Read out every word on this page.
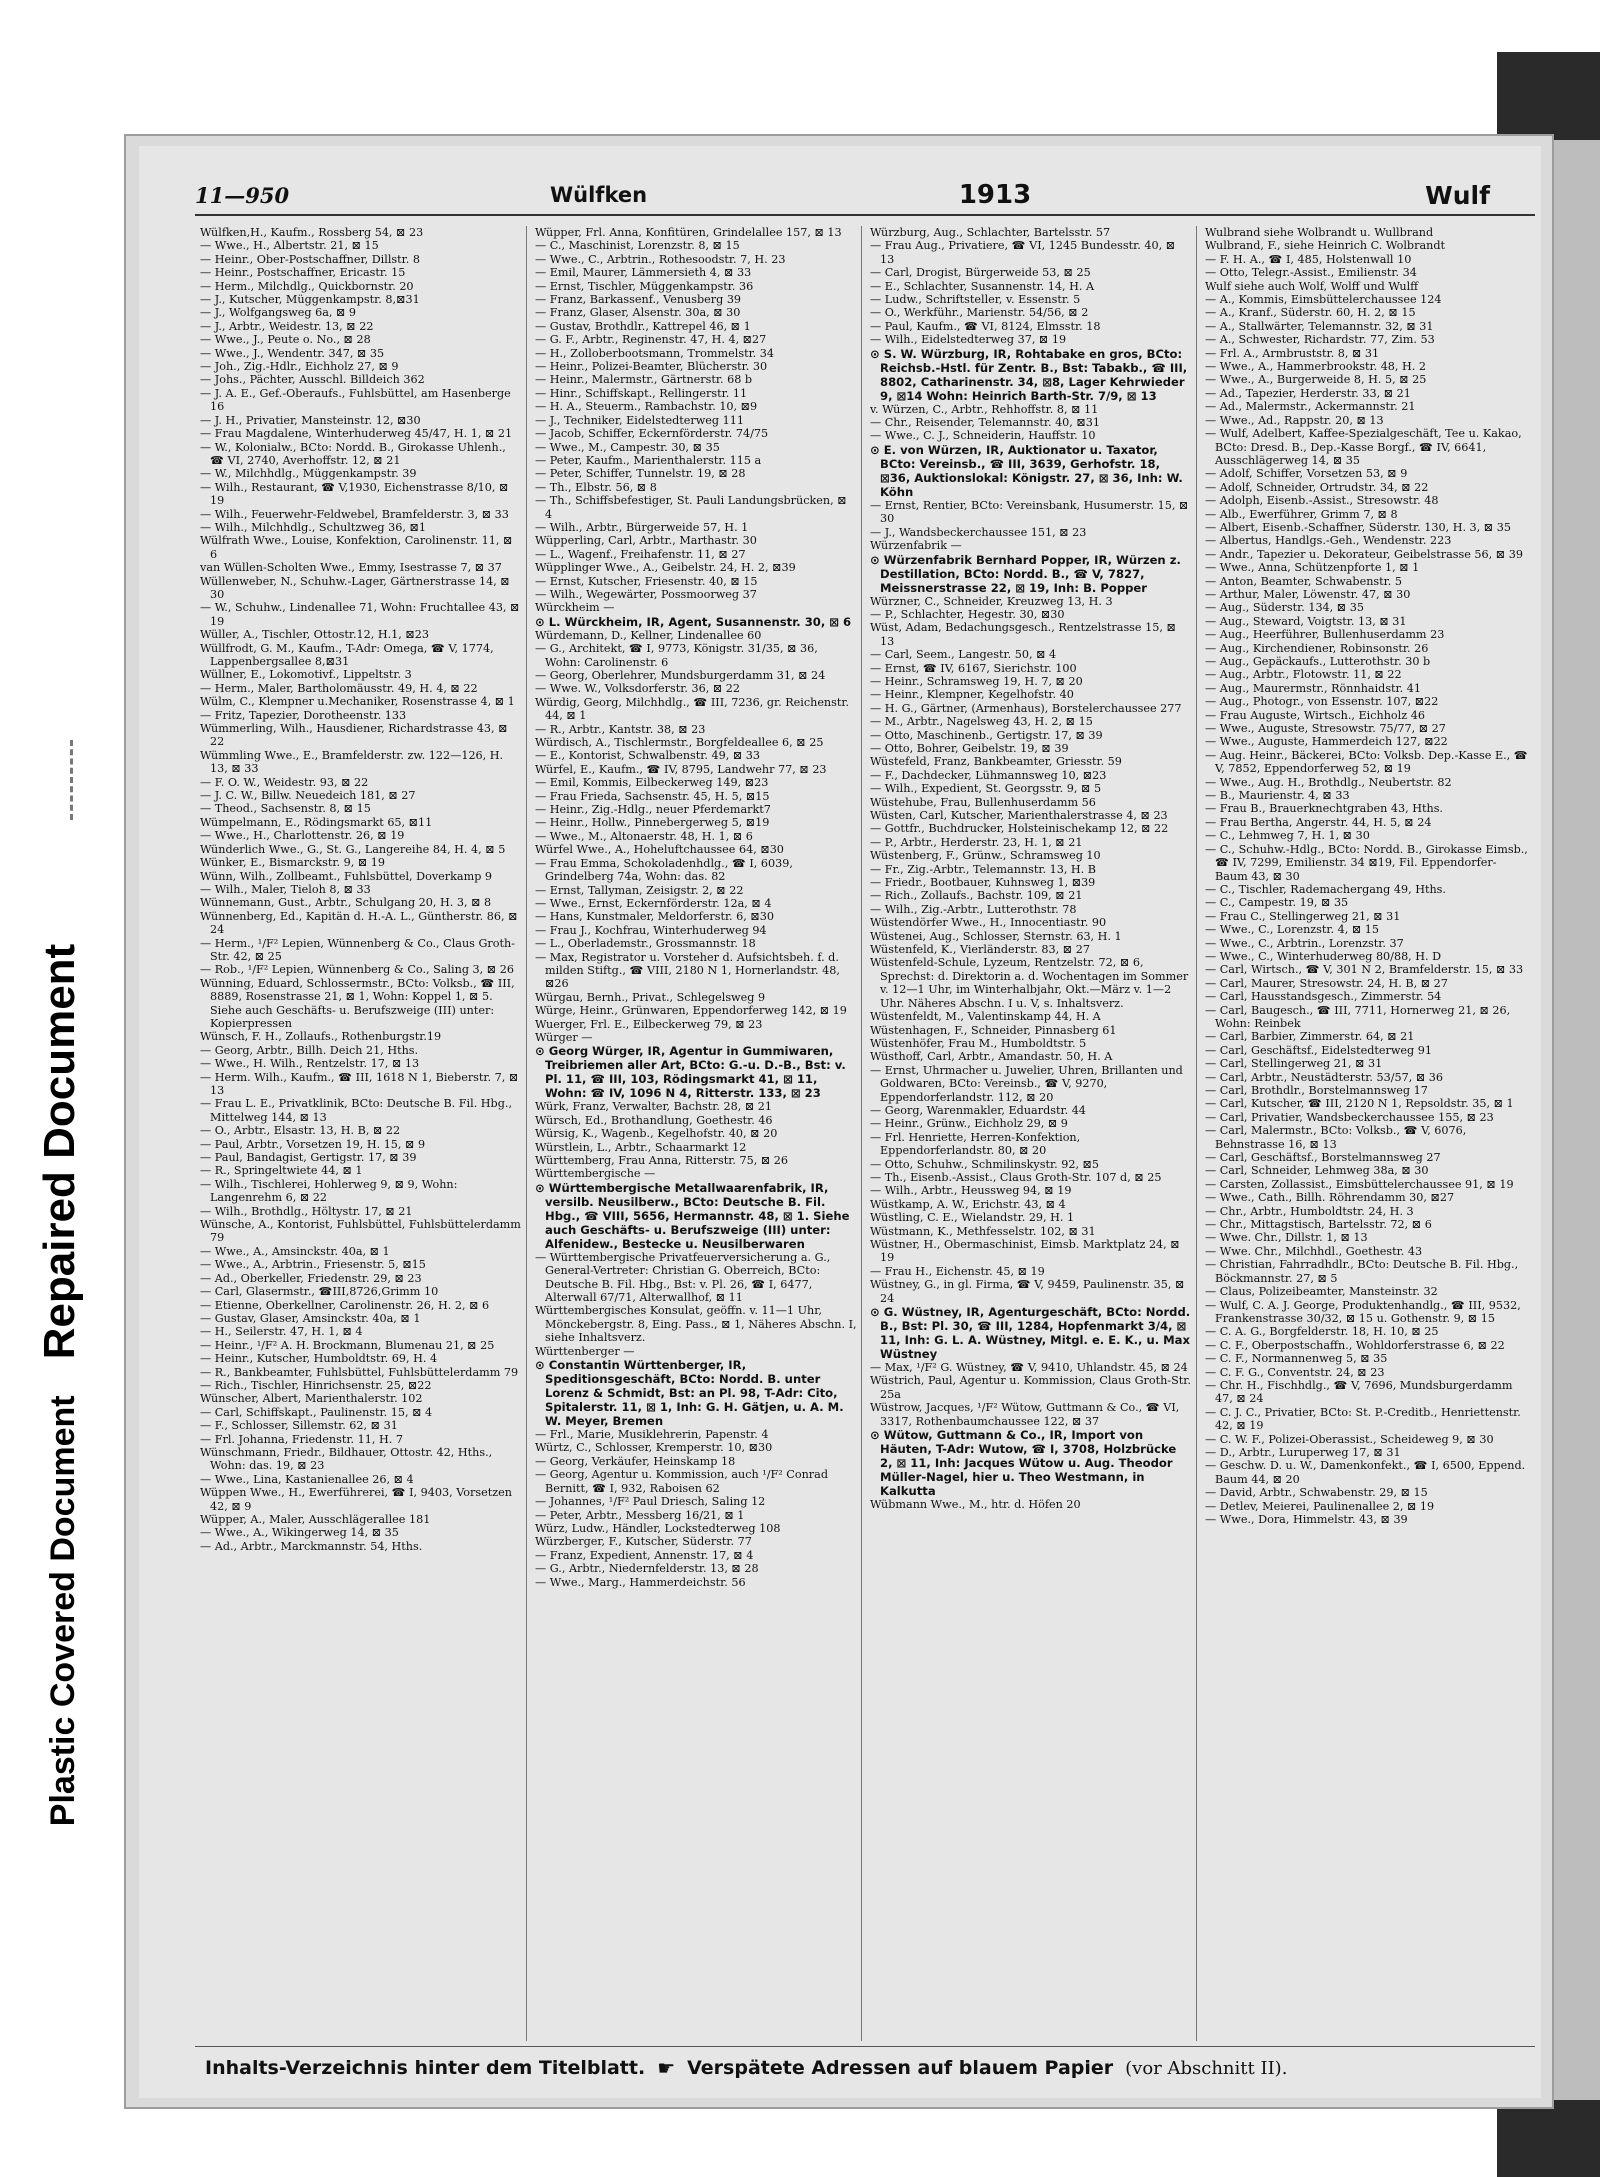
Plastic Covered DocumentRepaired Document
11—950	Wülfken	1913	Wulf

Wülfken,H., Kaufm., Rossberg 54, ⊠ 23

— Wwe., H., Albertstr. 21, ⊠ 15

— Heinr., Ober-Postschaffner, Dillstr. 8

— Heinr., Postschaffner, Ericastr. 15

— Herm., Milchdlg., Quickbornstr. 20

— J., Kutscher, Müggenkampstr. 8,⊠31

— J., Wolfgangsweg 6a, ⊠ 9

— J., Arbtr., Weidestr. 13, ⊠ 22

— Wwe., J., Peute o. No., ⊠ 28

— Wwe., J., Wendentr. 347, ⊠ 35

— Joh., Zig.-Hdlr., Eichholz 27, ⊠ 9

— Johs., Pächter, Ausschl. Billdeich 362

— J. A. E., Gef.-Oberaufs., Fuhlsbüttel, am Hasenberge 16

— J. H., Privatier, Mansteinstr. 12, ⊠30

— Frau Magdalene, Winterhuderweg 45/47, H. 1, ⊠ 21

— W., Kolonialw., BCto: Nordd. B., Girokasse Uhlenh., ☎ VI, 2740, Averhoffstr. 12, ⊠ 21

— W., Milchhdlg., Müggenkampstr. 39

— Wilh., Restaurant, ☎ V,1930, Eichenstrasse 8/10, ⊠ 19

— Wilh., Feuerwehr-Feldwebel, Bramfelderstr. 3, ⊠ 33

— Wilh., Milchhdlg., Schultzweg 36, ⊠1

Wülfrath Wwe., Louise, Konfektion, Carolinenstr. 11, ⊠ 6

van Wüllen-Scholten Wwe., Emmy, Isestrasse 7, ⊠ 37

Wüllenweber, N., Schuhw.-Lager, Gärtnerstrasse 14, ⊠ 30

— W., Schuhw., Lindenallee 71, Wohn: Fruchtallee 43, ⊠ 19

Wüller, A., Tischler, Ottostr.12, H.1, ⊠23

Wüllfrodt, G. M., Kaufm., T-Adr: Omega, ☎ V, 1774, Lappenbergsallee 8,⊠31

Wüllner, E., Lokomotivf., Lippeltstr. 3

— Herm., Maler, Bartholomäusstr. 49, H. 4, ⊠ 22

Wülm, C., Klempner u.Mechaniker, Rosenstrasse 4, ⊠ 1

— Fritz, Tapezier, Dorotheenstr. 133

Wümmerling, Wilh., Hausdiener, Richardstrasse 43, ⊠ 22

Wümmling Wwe., E., Bramfelderstr. zw. 122—126, H. 13, ⊠ 33

— F. O. W., Weidestr. 93, ⊠ 22

— J. C. W., Billw. Neuedeich 181, ⊠ 27

— Theod., Sachsenstr. 8, ⊠ 15

Wümpelmann, E., Rödingsmarkt 65, ⊠11

— Wwe., H., Charlottenstr. 26, ⊠ 19

Wünderlich Wwe., G., St. G., Langereihe 84, H. 4, ⊠ 5

Wünker, E., Bismarckstr. 9, ⊠ 19

Wünn, Wilh., Zollbeamt., Fuhlsbüttel, Doverkamp 9

— Wilh., Maler, Tieloh 8, ⊠ 33

Wünnemann, Gust., Arbtr., Schulgang 20, H. 3, ⊠ 8

Wünnenberg, Ed., Kapitän d. H.-A. L., Güntherstr. 86, ⊠ 24

— Herm., ¹/F² Lepien, Wünnenberg & Co., Claus Groth-Str. 42, ⊠ 25

— Rob., ¹/F² Lepien, Wünnenberg & Co., Saling 3, ⊠ 26

Wünning, Eduard, Schlossermstr., BCto: Volksb., ☎ III, 8889, Rosenstrasse 21, ⊠ 1, Wohn: Koppel 1, ⊠ 5. Siehe auch Geschäfts- u. Berufszweige (III) unter: Kopierpressen

Wünsch, F. H., Zollaufs., Rothenburgstr.19

— Georg, Arbtr., Billh. Deich 21, Hths.

— Wwe., H. Wilh., Rentzelstr. 17, ⊠ 13

— Herm. Wilh., Kaufm., ☎ III, 1618 N 1, Bieberstr. 7, ⊠ 13

— Frau L. E., Privatklinik, BCto: Deutsche B. Fil. Hbg., Mittelweg 144, ⊠ 13

— O., Arbtr., Elsastr. 13, H. B, ⊠ 22

— Paul, Arbtr., Vorsetzen 19, H. 15, ⊠ 9

— Paul, Bandagist, Gertigstr. 17, ⊠ 39

— R., Springeltwiete 44, ⊠ 1

— Wilh., Tischlerei, Hohlerweg 9, ⊠ 9, Wohn: Langenrehm 6, ⊠ 22

— Wilh., Brothdlg., Höltystr. 17, ⊠ 21

Wünsche, A., Kontorist, Fuhlsbüttel, Fuhlsbüttelerdamm 79

— Wwe., A., Amsinckstr. 40a, ⊠ 1

— Wwe., A., Arbtrin., Friesenstr. 5, ⊠15

— Ad., Oberkeller, Friedenstr. 29, ⊠ 23

— Carl, Glasermstr., ☎III,8726,Grimm 10

— Etienne, Oberkellner, Carolinenstr. 26, H. 2, ⊠ 6

— Gustav, Glaser, Amsinckstr. 40a, ⊠ 1

— H., Seilerstr. 47, H. 1, ⊠ 4

— Heinr., ¹/F² A. H. Brockmann, Blumenau 21, ⊠ 25

— Heinr., Kutscher, Humboldtstr. 69, H. 4

— R., Bankbeamter, Fuhlsbüttel, Fuhlsbüttelerdamm 79

— Rich., Tischler, Hinrichsenstr. 25, ⊠22

Wünscher, Albert, Marienthalerstr. 102

— Carl, Schiffskapt., Paulinenstr. 15, ⊠ 4

— F., Schlosser, Sillemstr. 62, ⊠ 31

— Frl. Johanna, Friedenstr. 11, H. 7

Wünschmann, Friedr., Bildhauer, Ottostr. 42, Hths., Wohn: das. 19, ⊠ 23

— Wwe., Lina, Kastanienallee 26, ⊠ 4

Wüppen Wwe., H., Ewerführerei, ☎ I, 9403, Vorsetzen 42, ⊠ 9

Wüpper, A., Maler, Ausschlägerallee 181

— Wwe., A., Wikingerweg 14, ⊠ 35

— Ad., Arbtr., Marckmannstr. 54, Hths.

Wüpper, Frl. Anna, Konfitüren, Grindelallee 157, ⊠ 13

— C., Maschinist, Lorenzstr. 8, ⊠ 15

— Wwe., C., Arbtrin., Rothesoodstr. 7, H. 23

— Emil, Maurer, Lämmersieth 4, ⊠ 33

— Ernst, Tischler, Müggenkampstr. 36

— Franz, Barkassenf., Venusberg 39

— Franz, Glaser, Alsenstr. 30a, ⊠ 30

— Gustav, Brothdlr., Kattrepel 46, ⊠ 1

— G. F., Arbtr., Reginenstr. 47, H. 4, ⊠27

— H., Zolloberbootsmann, Trommelstr. 34

— Heinr., Polizei-Beamter, Blücherstr. 30

— Heinr., Malermstr., Gärtnerstr. 68 b

— Hinr., Schiffskapt., Rellingerstr. 11

— H. A., Steuerm., Rambachstr. 10, ⊠9

— J., Techniker, Eidelstedterweg 111

— Jacob, Schiffer, Eckernförderstr. 74/75

— Wwe., M., Campestr. 30, ⊠ 35

— Peter, Kaufm., Marienthalerstr. 115 a

— Peter, Schiffer, Tunnelstr. 19, ⊠ 28

— Th., Elbstr. 56, ⊠ 8

— Th., Schiffsbefestiger, St. Pauli Landungsbrücken, ⊠ 4

— Wilh., Arbtr., Bürgerweide 57, H. 1

Wüpperling, Carl, Arbtr., Marthastr. 30

— L., Wagenf., Freihafenstr. 11, ⊠ 27

Wüpplinger Wwe., A., Geibelstr. 24, H. 2, ⊠39

— Ernst, Kutscher, Friesenstr. 40, ⊠ 15

— Wilh., Wegewärter, Possmoorweg 37

Würckheim —

⊙ L. Würckheim, IR, Agent, Susannenstr. 30, ⊠ 6

Würdemann, D., Kellner, Lindenallee 60

— G., Architekt, ☎ I, 9773, Königstr. 31/35, ⊠ 36, Wohn: Carolinenstr. 6

— Georg, Oberlehrer, Mundsburgerdamm 31, ⊠ 24

— Wwe. W., Volksdorferstr. 36, ⊠ 22

Würdig, Georg, Milchhdlg., ☎ III, 7236, gr. Reichenstr. 44, ⊠ 1

— R., Arbtr., Kantstr. 38, ⊠ 23

Würdisch, A., Tischlermstr., Borgfeldeallee 6, ⊠ 25

— E., Kontorist, Schwalbenstr. 49, ⊠ 33

Würfel, E., Kaufm., ☎ IV, 8795, Landwehr 77, ⊠ 23

— Emil, Kommis, Eilbeckerweg 149, ⊠23

— Frau Frieda, Sachsenstr. 45, H. 5, ⊠15

— Heinr., Zig.-Hdlg., neuer Pferdemarkt7

— Heinr., Hollw., Pinnebergerweg 5, ⊠19

— Wwe., M., Altonaerstr. 48, H. 1, ⊠ 6

Würfel Wwe., A., Hoheluftchaussee 64, ⊠30

— Frau Emma, Schokoladenhdlg., ☎ I, 6039, Grindelberg 74a, Wohn: das. 82

— Ernst, Tallyman, Zeisigstr. 2, ⊠ 22

— Wwe., Ernst, Eckernförderstr. 12a, ⊠ 4

— Hans, Kunstmaler, Meldorferstr. 6, ⊠30

— Frau J., Kochfrau, Winterhuderweg 94

— L., Oberlademstr., Grossmannstr. 18

— Max, Registrator u. Vorsteher d. Aufsichtsbeh. f. d. milden Stiftg., ☎ VIII, 2180 N 1, Hornerlandstr. 48, ⊠26

Würgau, Bernh., Privat., Schlegelsweg 9

Würge, Heinr., Grünwaren, Eppendorferweg 142, ⊠ 19

Wuerger, Frl. E., Eilbeckerweg 79, ⊠ 23

Würger —

⊙ Georg Würger, IR, Agentur in Gummiwaren, Treibriemen aller Art, BCto: G.-u. D.-B., Bst: v. Pl. 11, ☎ III, 103, Rödingsmarkt 41, ⊠ 11, Wohn: ☎ IV, 1096 N 4, Ritterstr. 133, ⊠ 23

Würk, Franz, Verwalter, Bachstr. 28, ⊠ 21

Würsch, Ed., Brothandlung, Goethestr. 46

Würsig, K., Wagenb., Kegelhofstr. 40, ⊠ 20

Würstlein, L., Arbtr., Schaarmarkt 12

Württemberg, Frau Anna, Ritterstr. 75, ⊠ 26

Württembergische —

⊙ Württembergische Metallwaarenfabrik, IR, versilb. Neusilberw., BCto: Deutsche B. Fil. Hbg., ☎ VIII, 5656, Hermannstr. 48, ⊠ 1. Siehe auch Geschäfts- u. Berufszweige (III) unter: Alfenidew., Bestecke u. Neusilberwaren

— Württembergische Privatfeuerversicherung a. G., General-Vertreter: Christian G. Oberreich, BCto: Deutsche B. Fil. Hbg., Bst: v. Pl. 26, ☎ I, 6477, Alterwall 67/71, Alterwallhof, ⊠ 11

Württembergisches Konsulat, geöffn. v. 11—1 Uhr, Mönckebergstr. 8, Eing. Pass., ⊠ 1, Näheres Abschn. I, siehe Inhaltsverz.

Württenberger —

⊙ Constantin Württenberger, IR, Speditionsgeschäft, BCto: Nordd. B. unter Lorenz & Schmidt, Bst: an Pl. 98, T-Adr: Cito, Spitalerstr. 11, ⊠ 1, Inh: G. H. Gätjen, u. A. M. W. Meyer, Bremen

— Frl., Marie, Musiklehrerin, Papenstr. 4

Würtz, C., Schlosser, Kremperstr. 10, ⊠30

— Georg, Verkäufer, Heinskamp 18

— Georg, Agentur u. Kommission, auch ¹/F² Conrad Bernitt, ☎ I, 932, Raboisen 62

— Johannes, ¹/F² Paul Driesch, Saling 12

— Peter, Arbtr., Messberg 16/21, ⊠ 1

Würz, Ludw., Händler, Lockstedterweg 108

Würzberger, F., Kutscher, Süderstr. 77

— Franz, Expedient, Annenstr. 17, ⊠ 4

— G., Arbtr., Niedernfelderstr. 13, ⊠ 28

— Wwe., Marg., Hammerdeichstr. 56

Würzburg, Aug., Schlachter, Bartelsstr. 57

— Frau Aug., Privatiere, ☎ VI, 1245 Bundesstr. 40, ⊠ 13

— Carl, Drogist, Bürgerweide 53, ⊠ 25

— E., Schlachter, Susannenstr. 14, H. A

— Ludw., Schriftsteller, v. Essenstr. 5

— O., Werkführ., Marienstr. 54/56, ⊠ 2

— Paul, Kaufm., ☎ VI, 8124, Elmsstr. 18

— Wilh., Eidelstedterweg 37, ⊠ 19

⊙ S. W. Würzburg, IR, Rohtabake en gros, BCto: Reichsb.-Hstl. für Zentr. B., Bst: Tabakb., ☎ III, 8802, Catharinenstr. 34, ⊠8, Lager Kehrwieder 9, ⊠14 Wohn: Heinrich Barth-Str. 7/9, ⊠ 13

v. Würzen, C., Arbtr., Rehhoffstr. 8, ⊠ 11

— Chr., Reisender, Telemannstr. 40, ⊠31

— Wwe., C. J., Schneiderin, Hauffstr. 10

⊙ E. von Würzen, IR, Auktionator u. Taxator, BCto: Vereinsb., ☎ III, 3639, Gerhofstr. 18, ⊠36, Auktionslokal: Königstr. 27, ⊠ 36, Inh: W. Köhn

— Ernst, Rentier, BCto: Vereinsbank, Husumerstr. 15, ⊠ 30

— J., Wandsbeckerchaussee 151, ⊠ 23

Würzenfabrik —

⊙ Würzenfabrik Bernhard Popper, IR, Würzen z. Destillation, BCto: Nordd. B., ☎ V, 7827, Meissnerstrasse 22, ⊠ 19, Inh: B. Popper

Würzner, C., Schneider, Kreuzweg 13, H. 3

— P., Schlachter, Hegestr. 30, ⊠30

Wüst, Adam, Bedachungsgesch., Rentzelstrasse 15, ⊠ 13

— Carl, Seem., Langestr. 50, ⊠ 4

— Ernst, ☎ IV, 6167, Sierichstr. 100

— Heinr., Schramsweg 19, H. 7, ⊠ 20

— Heinr., Klempner, Kegelhofstr. 40

— H. G., Gärtner, (Armenhaus), Borstelerchaussee 277

— M., Arbtr., Nagelsweg 43, H. 2, ⊠ 15

— Otto, Maschinenb., Gertigstr. 17, ⊠ 39

— Otto, Bohrer, Geibelstr. 19, ⊠ 39

Wüstefeld, Franz, Bankbeamter, Griesstr. 59

— F., Dachdecker, Lühmannsweg 10, ⊠23

— Wilh., Expedient, St. Georgsstr. 9, ⊠ 5

Wüstehube, Frau, Bullenhuserdamm 56

Wüsten, Carl, Kutscher, Marienthalerstrasse 4, ⊠ 23

— Gottfr., Buchdrucker, Holsteinischekamp 12, ⊠ 22

— P., Arbtr., Herderstr. 23, H. 1, ⊠ 21

Wüstenberg, F., Grünw., Schramsweg 10

— Fr., Zig.-Arbtr., Telemannstr. 13, H. B

— Friedr., Bootbauer, Kuhnsweg 1, ⊠39

— Rich., Zollaufs., Bachstr. 109, ⊠ 21

— Wilh., Zig.-Arbtr., Lutterothstr. 78

Wüstendörfer Wwe., H., Innocentiastr. 90

Wüstenei, Aug., Schlosser, Sternstr. 63, H. 1

Wüstenfeld, K., Vierländerstr. 83, ⊠ 27

Wüstenfeld-Schule, Lyzeum, Rentzelstr. 72, ⊠ 6, Sprechst: d. Direktorin a. d. Wochentagen im Sommer v. 12—1 Uhr, im Winterhalbjahr, Okt.—März v. 1—2 Uhr. Näheres Abschn. I u. V, s. Inhaltsverz.

Wüstenfeldt, M., Valentinskamp 44, H. A

Wüstenhagen, F., Schneider, Pinnasberg 61

Wüstenhöfer, Frau M., Humboldtstr. 5

Wüsthoff, Carl, Arbtr., Amandastr. 50, H. A

— Ernst, Uhrmacher u. Juwelier, Uhren, Brillanten und Goldwaren, BCto: Vereinsb., ☎ V, 9270, Eppendorferlandstr. 112, ⊠ 20

— Georg, Warenmakler, Eduardstr. 44

— Heinr., Grünw., Eichholz 29, ⊠ 9

— Frl. Henriette, Herren-Konfektion, Eppendorferlandstr. 80, ⊠ 20

— Otto, Schuhw., Schmilinskystr. 92, ⊠5

— Th., Eisenb.-Assist., Claus Groth-Str. 107 d, ⊠ 25

— Wilh., Arbtr., Heussweg 94, ⊠ 19

Wüstkamp, A. W., Erichstr. 43, ⊠ 4

Wüstling, C. E., Wielandstr. 29, H. 1

Wüstmann, K., Methfesselstr. 102, ⊠ 31

Wüstner, H., Obermaschinist, Eimsb. Marktplatz 24, ⊠ 19

— Frau H., Eichenstr. 45, ⊠ 19

Wüstney, G., in gl. Firma, ☎ V, 9459, Paulinenstr. 35, ⊠ 24

⊙ G. Wüstney, IR, Agenturgeschäft, BCto: Nordd. B., Bst: Pl. 30, ☎ III, 1284, Hopfenmarkt 3/4, ⊠ 11, Inh: G. L. A. Wüstney, Mitgl. e. E. K., u. Max Wüstney

— Max, ¹/F² G. Wüstney, ☎ V, 9410, Uhlandstr. 45, ⊠ 24

Wüstrich, Paul, Agentur u. Kommission, Claus Groth-Str. 25a

Wüstrow, Jacques, ¹/F² Wütow, Guttmann & Co., ☎ VI, 3317, Rothenbaumchaussee 122, ⊠ 37

⊙ Wütow, Guttmann & Co., IR, Import von Häuten, T-Adr: Wutow, ☎ I, 3708, Holzbrücke 2, ⊠ 11, Inh: Jacques Wütow u. Aug. Theodor Müller-Nagel, hier u. Theo Westmann, in Kalkutta

Wübmann Wwe., M., htr. d. Höfen 20

Wulbrand siehe Wolbrandt u. Wullbrand

Wulbrand, F., siehe Heinrich C. Wolbrandt

— F. H. A., ☎ I, 485, Holstenwall 10

— Otto, Telegr.-Assist., Emilienstr. 34

Wulf siehe auch Wolf, Wolff und Wulff

— A., Kommis, Eimsbüttelerchaussee 124

— A., Kranf., Süderstr. 60, H. 2, ⊠ 15

— A., Stallwärter, Telemannstr. 32, ⊠ 31

— A., Schwester, Richardstr. 77, Zim. 53

— Frl. A., Armbruststr. 8, ⊠ 31

— Wwe., A., Hammerbrookstr. 48, H. 2

— Wwe., A., Burgerweide 8, H. 5, ⊠ 25

— Ad., Tapezier, Herderstr. 33, ⊠ 21

— Ad., Malermstr., Ackermannstr. 21

— Wwe., Ad., Rappstr. 20, ⊠ 13

— Wulf, Adelbert, Kaffee-Spezialgeschäft, Tee u. Kakao, BCto: Dresd. B., Dep.-Kasse Borgf., ☎ IV, 6641, Ausschlägerweg 14, ⊠ 35

— Adolf, Schiffer, Vorsetzen 53, ⊠ 9

— Adolf, Schneider, Ortrudstr. 34, ⊠ 22

— Adolph, Eisenb.-Assist., Stresowstr. 48

— Alb., Ewerführer, Grimm 7, ⊠ 8

— Albert, Eisenb.-Schaffner, Süderstr. 130, H. 3, ⊠ 35

— Albertus, Handlgs.-Geh., Wendenstr. 223

— Andr., Tapezier u. Dekorateur, Geibelstrasse 56, ⊠ 39

— Wwe., Anna, Schützenpforte 1, ⊠ 1

— Anton, Beamter, Schwabenstr. 5

— Arthur, Maler, Löwenstr. 47, ⊠ 30

— Aug., Süderstr. 134, ⊠ 35

— Aug., Steward, Voigtstr. 13, ⊠ 31

— Aug., Heerführer, Bullenhuserdamm 23

— Aug., Kirchendiener, Robinsonstr. 26

— Aug., Gepäckaufs., Lutterothstr. 30 b

— Aug., Arbtr., Flotowstr. 11, ⊠ 22

— Aug., Maurermstr., Rönnhaidstr. 41

— Aug., Photogr., von Essenstr. 107, ⊠22

— Frau Auguste, Wirtsch., Eichholz 46

— Wwe., Auguste, Stresowstr. 75/77, ⊠ 27

— Wwe., Auguste, Hammerdeich 127, ⊠22

— Aug. Heinr., Bäckerei, BCto: Volksb. Dep.-Kasse E., ☎ V, 7852, Eppendorferweg 52, ⊠ 19

— Wwe., Aug. H., Brothdlg., Neubertstr. 82

— B., Maurienstr. 4, ⊠ 33

— Frau B., Brauerknechtgraben 43, Hths.

— Frau Bertha, Angerstr. 44, H. 5, ⊠ 24

— C., Lehmweg 7, H. 1, ⊠ 30

— C., Schuhw.-Hdlg., BCto: Nordd. B., Girokasse Eimsb., ☎ IV, 7299, Emilienstr. 34 ⊠19, Fil. Eppendorfer-Baum 43, ⊠ 30

— C., Tischler, Rademachergang 49, Hths.

— C., Campestr. 19, ⊠ 35

— Frau C., Stellingerweg 21, ⊠ 31

— Wwe., C., Lorenzstr. 4, ⊠ 15

— Wwe., C., Arbtrin., Lorenzstr. 37

— Wwe., C., Winterhuderweg 80/88, H. D

— Carl, Wirtsch., ☎ V, 301 N 2, Bramfelderstr. 15, ⊠ 33

— Carl, Maurer, Stresowstr. 24, H. B, ⊠ 27

— Carl, Hausstandsgesch., Zimmerstr. 54

— Carl, Baugesch., ☎ III, 7711, Hornerweg 21, ⊠ 26, Wohn: Reinbek

— Carl, Barbier, Zimmerstr. 64, ⊠ 21

— Carl, Geschäftsf., Eidelstedterweg 91

— Carl, Stellingerweg 21, ⊠ 31

— Carl, Arbtr., Neustädterstr. 53/57, ⊠ 36

— Carl, Brothdlr., Borstelmannsweg 17

— Carl, Kutscher, ☎ III, 2120 N 1, Repsoldstr. 35, ⊠ 1

— Carl, Privatier, Wandsbeckerchaussee 155, ⊠ 23

— Carl, Malermstr., BCto: Volksb., ☎ V, 6076, Behnstrasse 16, ⊠ 13

— Carl, Geschäftsf., Borstelmannsweg 27

— Carl, Schneider, Lehmweg 38a, ⊠ 30

— Carsten, Zollassist., Eimsbüttelerchaussee 91, ⊠ 19

— Wwe., Cath., Billh. Röhrendamm 30, ⊠27

— Chr., Arbtr., Humboldtstr. 24, H. 3

— Chr., Mittagstisch, Bartelsstr. 72, ⊠ 6

— Wwe. Chr., Dillstr. 1, ⊠ 13

— Wwe. Chr., Milchhdl., Goethestr. 43

— Christian, Fahrradhdlr., BCto: Deutsche B. Fil. Hbg., Böckmannstr. 27, ⊠ 5

— Claus, Polizeibeamter, Mansteinstr. 32

— Wulf, C. A. J. George, Produktenhandlg., ☎ III, 9532, Frankenstrasse 30/32, ⊠ 15 u. Gothenstr. 9, ⊠ 15

— C. A. G., Borgfelderstr. 18, H. 10, ⊠ 25

— C. F., Oberpostschaffn., Wohldorferstrasse 6, ⊠ 22

— C. F., Normannenweg 5, ⊠ 35

— C. F. G., Conventstr. 24, ⊠ 23

— Chr. H., Fischhdlg., ☎ V, 7696, Mundsburgerdamm 47, ⊠ 24

— C. J. C., Privatier, BCto: St. P.-Creditb., Henriettenstr. 42, ⊠ 19

— C. W. F., Polizei-Oberassist., Scheideweg 9, ⊠ 30

— D., Arbtr., Luruperweg 17, ⊠ 31

— Geschw. D. u. W., Damenkonfekt., ☎ I, 6500, Eppend. Baum 44, ⊠ 20

— David, Arbtr., Schwabenstr. 29, ⊠ 15

— Detlev, Meierei, Paulinenallee 2, ⊠ 19

— Wwe., Dora, Himmelstr. 43, ⊠ 39

Inhalts-Verzeichnis hinter dem Titelblatt. ☛ Verspätete Adressen auf blauem Papier (vor Abschnitt II).
